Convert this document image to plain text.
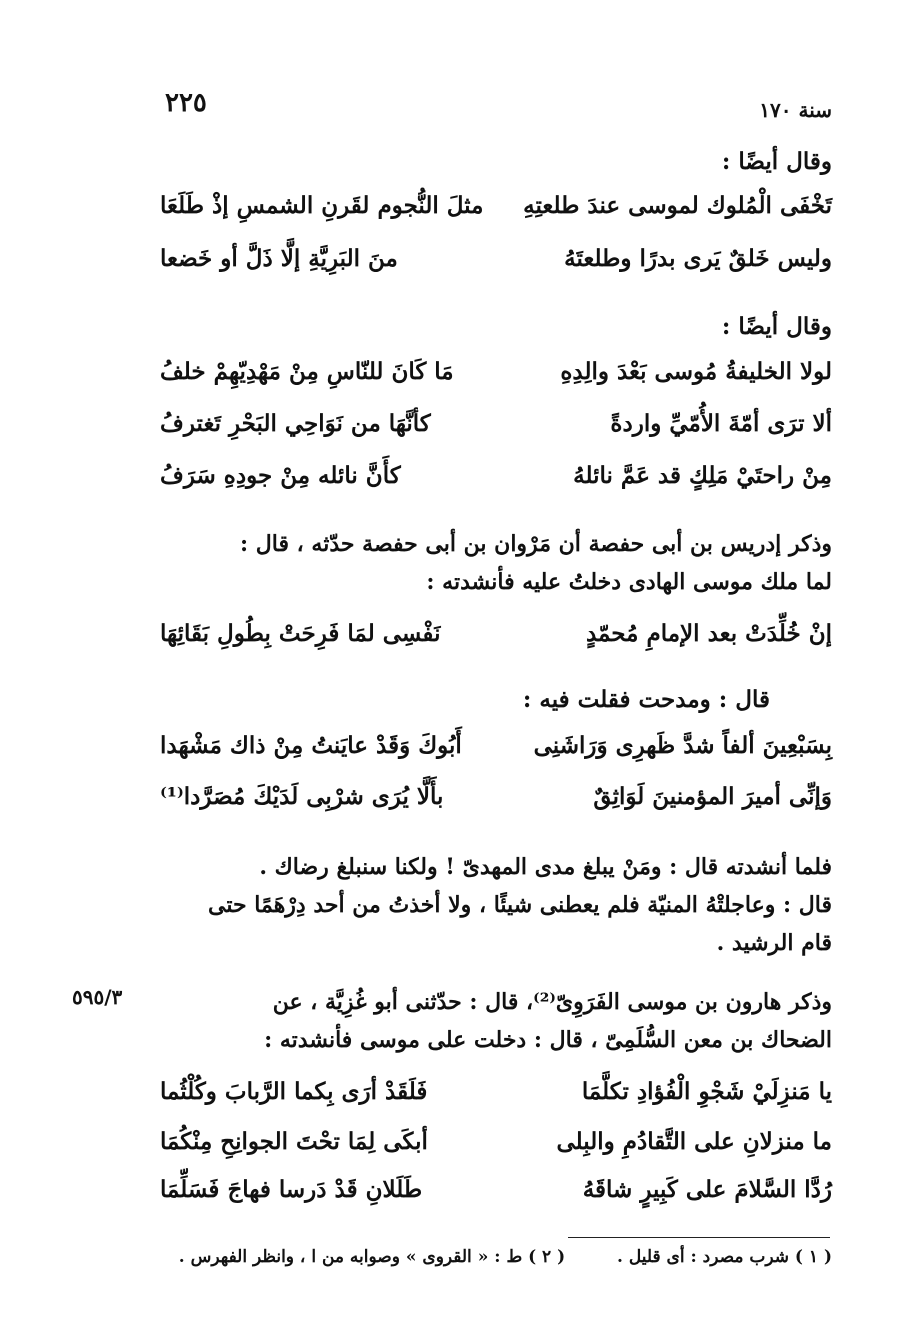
٢٢٥	سنة ١٧٠
٥٩٥/٣
وقال أيضًا :
تَخْفَى الْمُلوك لموسى عندَ طلعتِهِ
مثلَ النُّجوم لقَرنِ الشمسِ إذْ طَلَعَا
وليس خَلقٌ يَرى بدرًا وطلعتَهُ
منَ البَرِيَّةِ إلَّا ذَلَّ أو خَضعا
وقال أيضًا :
لولا الخليفةُ مُوسى بَعْدَ والِدِهِ
مَا كَانَ للنّاسِ مِنْ مَهْدِيّهِمْ خلفُ
ألا ترَى أمّةَ الأُمّيِّ واردةً
كأنَّهَا من نَوَاحِي البَحْرِ تَغترفُ
مِنْ راحتَيْ مَلِكٍ قد عَمَّ نائلهُ
كأَنَّ نائله مِنْ جودِهِ سَرَفُ

وذكر إدريس بن أبى حفصة أن مَرْوان بن أبى حفصة حدّثه ، قال :

لما ملك موسى الهادى دخلتُ عليه فأنشدته :

إنْ خُلِّدَتْ بعد الإمامِ مُحمّدٍ
نَفْسِى لمَا فَرِحَتْ بِطُولِ بَقَائِهَا
قال : ومدحت فقلت فيه :
بِسَبْعِينَ ألفاً شدَّ ظَهرِى وَرَاشَنِى
أَبُوكَ وَقَدْ عايَنتُ مِنْ ذاك مَشْهَدا
وَإنِّى أميرَ المؤمنينَ لَوَاثِقٌ
بأَلَّا يُرَى شرْبِى لَدَيْكَ مُصَرَّدا⁽¹⁾

فلما أنشدته قال : ومَنْ يبلغ مدى المهدىّ ! ولكنا سنبلغ رضاك .

قال : وعاجلتْهُ المنيّة فلم يعطنى شيئًا ، ولا أخذتُ من أحد دِرْهَمًا حتى

قام الرشيد .

وذكر هارون بن موسى الفَرَوِىّ⁽²⁾، قال : حدّثنى أبو غُزِيَّة ، عن

الضحاك بن معن السُّلَمِىّ ، قال : دخلت على موسى فأنشدته :

يا مَنزِلَيْ شَجْوِ الْفُؤادِ تكلَّمَا
فَلَقَدْ أرَى بِكما الرَّبابَ وكُلْثُما
ما منزلانِ على التَّقادُمِ والبِلى
أبكَى لِمَا تحْتَ الجوانِحِ مِنْكُمَا
رُدَّا السَّلامَ على كَبِيرٍ شاقَهُ
طَلَلانِ قَدْ دَرسا فهاجَ فَسَلِّمَا
( ١ ) شرب مصرد : أى قليل .  ( ٢ ) ط : « القروى » وصوابه من ا ، وانظر الفهرس .
